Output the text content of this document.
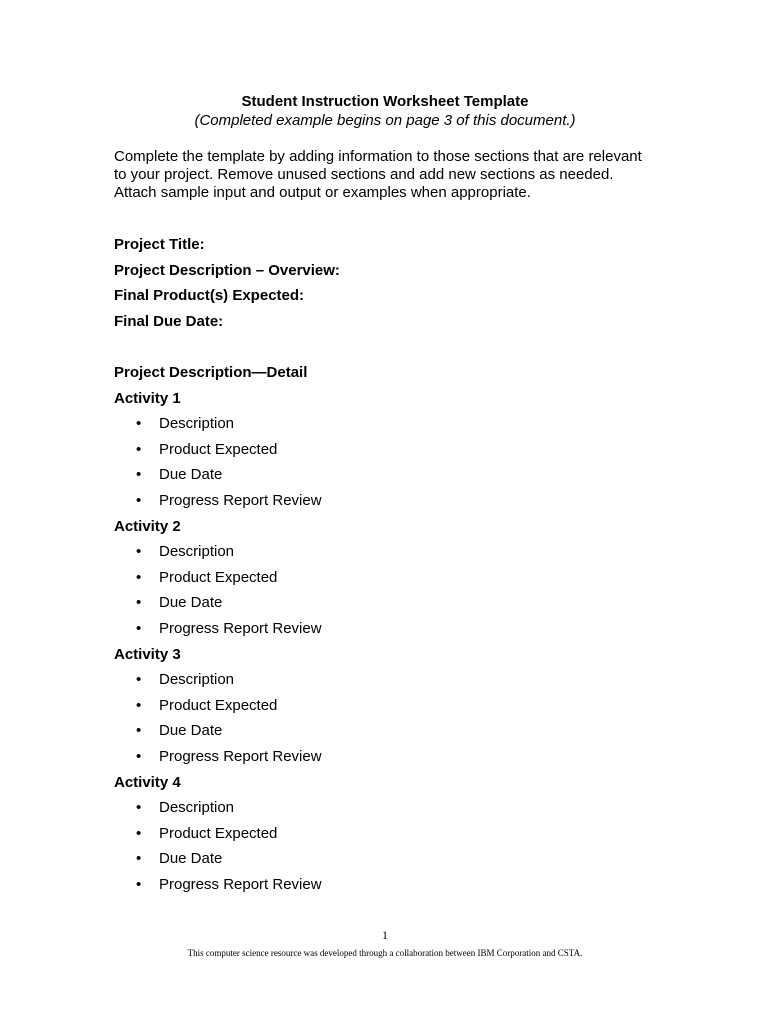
Student Instruction Worksheet Template
(Completed example begins on page 3 of this document.)

Complete the template by adding information to those sections that are relevant

to your project. Remove unused sections and add new sections as needed.

Attach sample input and output or examples when appropriate.

Project Title:
Project Description – Overview:
Final Product(s) Expected:
Final Due Date:
Project Description—Detail
Activity 1
• Description
• Product Expected
• Due Date
• Progress Report Review
Activity 2
• Description
• Product Expected
• Due Date
• Progress Report Review
Activity 3
• Description
• Product Expected
• Due Date
• Progress Report Review
Activity 4
• Description
• Product Expected
• Due Date
• Progress Report Review
1
This computer science resource was developed through a collaboration between IBM Corporation and CSTA.
